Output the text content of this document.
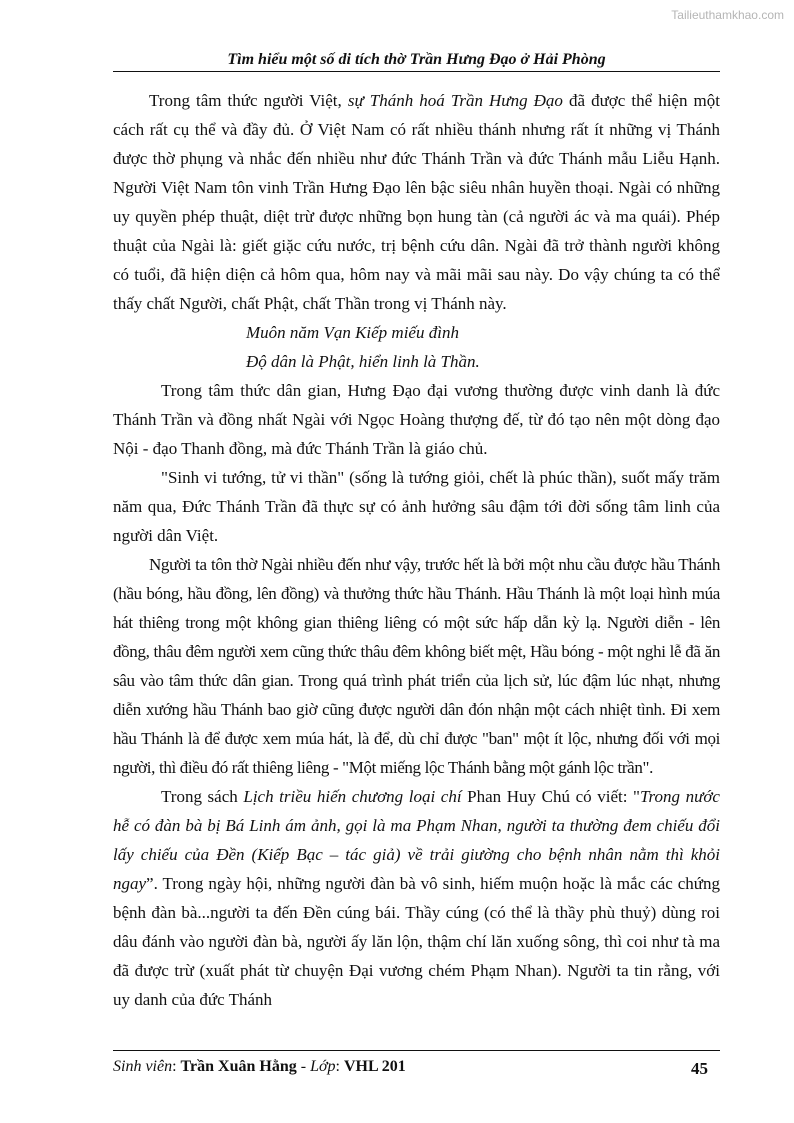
Tailieuthamkhao.com
Tìm hiểu một số di tích thờ Trần Hưng Đạo ở Hải Phòng

Trong tâm thức người Việt, sự Thánh hoá Trần Hưng Đạo đã được thể hiện một cách rất cụ thể và đầy đủ. Ở Việt Nam có rất nhiều thánh nhưng rất ít những vị Thánh được thờ phụng và nhắc đến nhiều như đức Thánh Trần và đức Thánh mẫu Liễu Hạnh. Người Việt Nam tôn vinh Trần Hưng Đạo lên bậc siêu nhân huyền thoại. Ngài có những uy quyền phép thuật, diệt trừ được những bọn hung tàn (cả người ác và ma quái). Phép thuật của Ngài là: giết giặc cứu nước, trị bệnh cứu dân. Ngài đã trở thành người không có tuổi, đã hiện diện cả hôm qua, hôm nay và mãi mãi sau này. Do vậy chúng ta có thể thấy chất Người, chất Phật, chất Thần trong vị Thánh này.

Muôn năm Vạn Kiếp miếu đình

Độ dân là Phật, hiển linh là Thần.

Trong tâm thức dân gian, Hưng Đạo đại vương thường được vinh danh là đức Thánh Trần và đồng nhất Ngài với Ngọc Hoàng thượng đế, từ đó tạo nên một dòng đạo Nội - đạo Thanh đồng, mà đức Thánh Trần là giáo chủ.

"Sinh vi tướng, tử vi thần" (sống là tướng giỏi, chết là phúc thần), suốt mấy trăm năm qua, Đức Thánh Trần đã thực sự có ảnh hưởng sâu đậm tới đời sống tâm linh của người dân Việt.

Người ta tôn thờ Ngài nhiều đến như vậy, trước hết là bởi một nhu cầu được hầu Thánh (hầu bóng, hầu đồng, lên đồng) và thưởng thức hầu Thánh. Hầu Thánh là một loại hình múa hát thiêng trong một không gian thiêng liêng có một sức hấp dẫn kỳ lạ. Người diễn - lên đồng, thâu đêm người xem cũng thức thâu đêm không biết mệt, Hầu bóng - một nghi lễ đã ăn sâu vào tâm thức dân gian. Trong quá trình phát triển của lịch sử, lúc đậm lúc nhạt, nhưng diễn xướng hầu Thánh bao giờ cũng được người dân đón nhận một cách nhiệt tình. Đi xem hầu Thánh là để được xem múa hát, là để, dù chỉ được "ban" một ít lộc, nhưng đối với mọi người, thì điều đó rất thiêng liêng - "Một miếng lộc Thánh bằng một gánh lộc trần".

Trong sách Lịch triều hiến chương loại chí Phan Huy Chú có viết: "Trong nước hễ có đàn bà bị Bá Linh ám ảnh, gọi là ma Phạm Nhan, người ta thường đem chiếu đổi lấy chiếu của Đền (Kiếp Bạc – tác giả) về trải giường cho bệnh nhân nằm thì khỏi ngay”. Trong ngày hội, những người đàn bà vô sinh, hiếm muộn hoặc là mắc các chứng bệnh đàn bà...người ta đến Đền cúng bái. Thầy cúng (có thể là thầy phù thuỷ) dùng roi dâu đánh vào người đàn bà, người ấy lăn lộn, thậm chí lăn xuống sông, thì coi như tà ma đã được trừ (xuất phát từ chuyện Đại vương chém Phạm Nhan). Người ta tin rằng, với uy danh của đức Thánh

Sinh viên: Trần Xuân Hằng - Lớp: VHL 201	45
